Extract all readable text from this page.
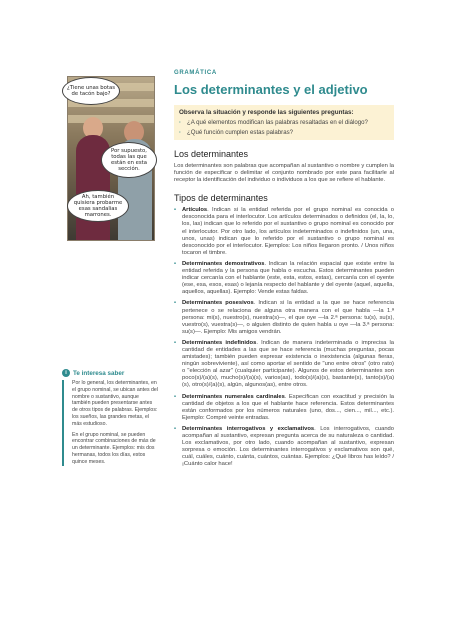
¿Tiene unas botas de tacón bajo?
Por supuesto, todas las que están en esta sección.
Ah, también quisiera probarme esas sandalias marrones.
i Te interesa saber

Por lo general, los determinantes, en el grupo nominal, se ubican antes del nombre o sustantivo, aunque también pueden presentarse antes de otros tipos de palabras. Ejemplos: los sueños, las grandes metas, el más estudioso.

En el grupo nominal, se pueden encontrar combinaciones de más de un determinante. Ejemplos: mis dos hermanas, todos los días, estos quince meses.

GRAMÁTICA
Los determinantes y el adjetivo
Observa la situación y responde las siguientes preguntas:
· ¿A qué elementos modifican las palabras resaltadas en el diálogo?
· ¿Qué función cumplen estas palabras?
Los determinantes
Los determinantes son palabras que acompañan al sustantivo o nombre y cumplen la función de especificar o delimitar el conjunto nombrado por este para facilitarle al receptor la identificación del individuo o individuos a los que se refiere el hablante.
Tipos de determinantes
• Artículos. Indican si la entidad referida por el grupo nominal es conocida o desconocida para el interlocutor. Los artículos determinados o definidos (el, la, lo, los, las) indican que lo referido por el sustantivo o grupo nominal es conocido por el interlocutor. Por otro lado, los artículos indeterminados o indefinidos (un, una, unos, unas) indican que lo referido por el sustantivo o grupo nominal es desconocido por el interlocutor. Ejemplos: Los niños llegaron pronto. / Unos niños tocaron el timbre.
• Determinantes demostrativos. Indican la relación espacial que existe entre la entidad referida y la persona que habla o escucha. Estos determinantes pueden indicar cercanía con el hablante (este, esta, estos, estas), cercanía con el oyente (ese, esa, esos, esas) o lejanía respecto del hablante y del oyente (aquel, aquella, aquellos, aquellas). Ejemplo: Vende estas faldas.
• Determinantes posesivos. Indican si la entidad a la que se hace referencia pertenece o se relaciona de alguna otra manera con el que habla —la 1.ª persona: mi(s), nuestro(s), nuestra(s)—, el que oye —la 2.ª persona: tu(s), su(s), vuestro(s), vuestra(s)—, o alguien distinto de quien habla u oye —la 3.ª persona: su(s)—. Ejemplo: Mis amigos vendrán.
• Determinantes indefinidos. Indican de manera indeterminada o imprecisa la cantidad de entidades a las que se hace referencia (muchas preguntas, pocas amistades); también pueden expresar existencia o inexistencia (algunas fieras, ningún sobreviviente), así como aportar el sentido de "uno entre otros" (otro rato) o "elección al azar" (cualquier participante). Algunos de estos determinantes son poco(s)/(a)(s), mucho(s)/(a)(s), varios(as), todo(s)/(a)(s), bastante(s), tanto(s)/(a)(s), otro(s)/(a)(s), algún, algunos(as), entre otros.
• Determinantes numerales cardinales. Especifican con exactitud y precisión la cantidad de objetos a los que el hablante hace referencia. Estos determinantes están conformados por los números naturales (uno, dos..., cien..., mil..., etc.). Ejemplo: Compré veinte entradas.
• Determinantes interrogativos y exclamativos. Los interrogativos, cuando acompañan al sustantivo, expresan pregunta acerca de su naturaleza o cantidad. Los exclamativos, por otro lado, cuando acompañan al sustantivo, expresan sorpresa o emoción. Los determinantes interrogativos y exclamativos son qué, cuál, cuáles, cuánto, cuánta, cuántos, cuántas. Ejemplos: ¿Qué libros has leído? / ¡Cuánto calor hace!
